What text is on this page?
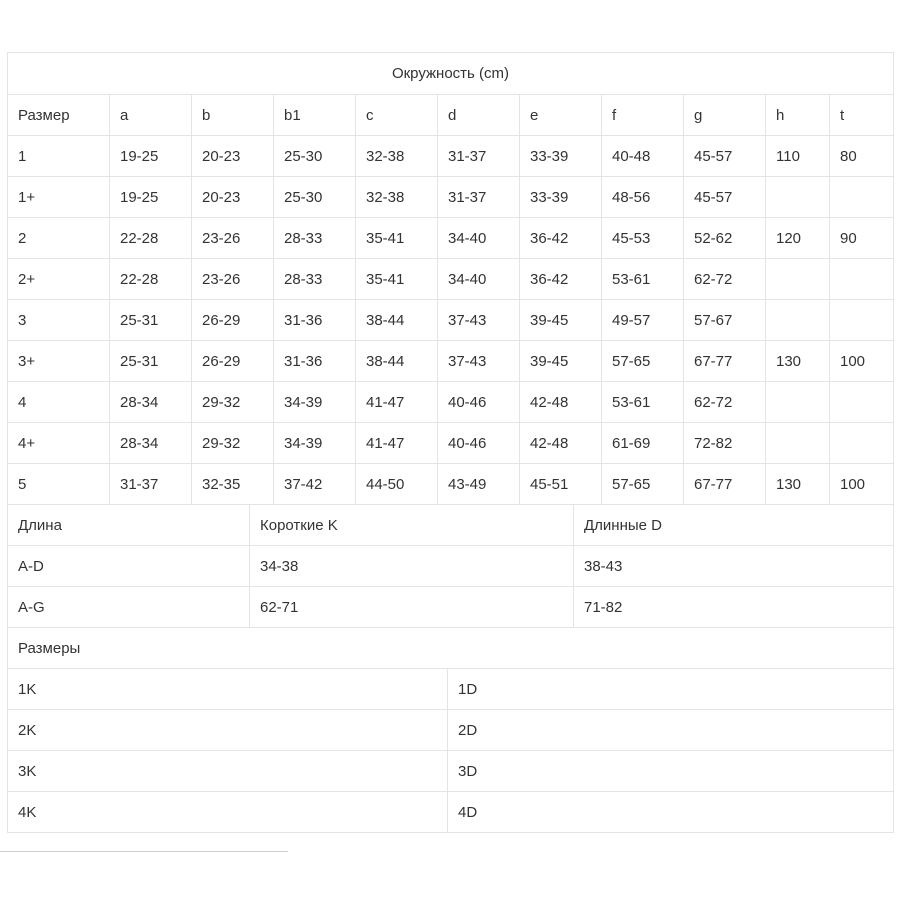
Окружность (cm)										
Размер	a	b	b1	c	d	e	f	g	h	t
1	19-25	20-23	25-30	32-38	31-37	33-39	40-48	45-57	110	80
1+	19-25	20-23	25-30	32-38	31-37	33-39	48-56	45-57		
2	22-28	23-26	28-33	35-41	34-40	36-42	45-53	52-62	120	90
2+	22-28	23-26	28-33	35-41	34-40	36-42	53-61	62-72		
3	25-31	26-29	31-36	38-44	37-43	39-45	49-57	57-67		
3+	25-31	26-29	31-36	38-44	37-43	39-45	57-65	67-77	130	100
4	28-34	29-32	34-39	41-47	40-46	42-48	53-61	62-72		
4+	28-34	29-32	34-39	41-47	40-46	42-48	61-69	72-82		
5	31-37	32-35	37-42	44-50	43-49	45-51	57-65	67-77	130	100
Длина	Короткие K	Длинные D
A-D	34-38	38-43
A-G	62-71	71-82
Размеры	
1K	1D
2K	2D
3K	3D
4K	4D
